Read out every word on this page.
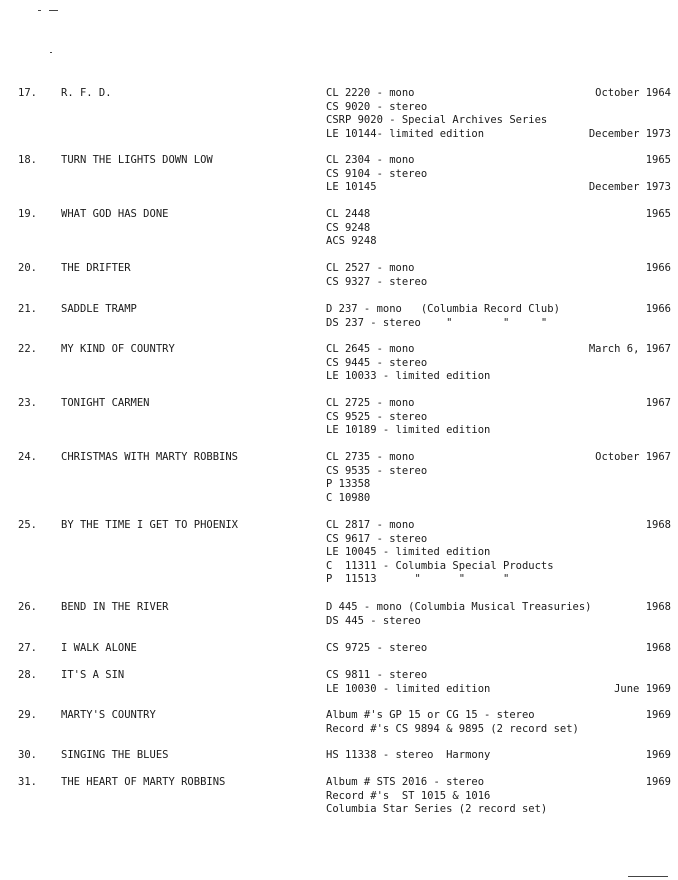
17. R. F. D.	CL 2220 - mono	October 1964
CS 9020 - stereo
CSRP 9020 - Special Archives Series
LE 10144- limited edition	December 1973
18. TURN THE LIGHTS DOWN LOW	CL 2304 - mono	1965
CS 9104 - stereo
LE 10145	December 1973
19. WHAT GOD HAS DONE	CL 2448	1965
CS 9248
ACS 9248
20. THE DRIFTER	CL 2527 - mono	1966
CS 9327 - stereo
21. SADDLE TRAMP	D 237 - mono   (Columbia Record Club)	1966
DS 237 - stereo    "        "     "
22. MY KIND OF COUNTRY	CL 2645 - mono	March 6, 1967
CS 9445 - stereo
LE 10033 - limited edition
23. TONIGHT CARMEN	CL 2725 - mono	1967
CS 9525 - stereo
LE 10189 - limited edition
24. CHRISTMAS WITH MARTY ROBBINS	CL 2735 - mono	October 1967
CS 9535 - stereo
P 13358
C 10980
25. BY THE TIME I GET TO PHOENIX	CL 2817 - mono	1968
CS 9617 - stereo
LE 10045 - limited edition
C  11311 - Columbia Special Products
P  11513      "      "      "
26. BEND IN THE RIVER	D 445 - mono (Columbia Musical Treasuries)	1968
DS 445 - stereo
27. I WALK ALONE	CS 9725 - stereo	1968
28. IT'S A SIN	CS 9811 - stereo
LE 10030 - limited edition	June 1969
29. MARTY'S COUNTRY	Album #'s GP 15 or CG 15 - stereo	1969
Record #'s CS 9894 & 9895 (2 record set)
30. SINGING THE BLUES	HS 11338 - stereo  Harmony	1969
31. THE HEART OF MARTY ROBBINS	Album # STS 2016 - stereo	1969
Record #'s  ST 1015 & 1016
Columbia Star Series (2 record set)
